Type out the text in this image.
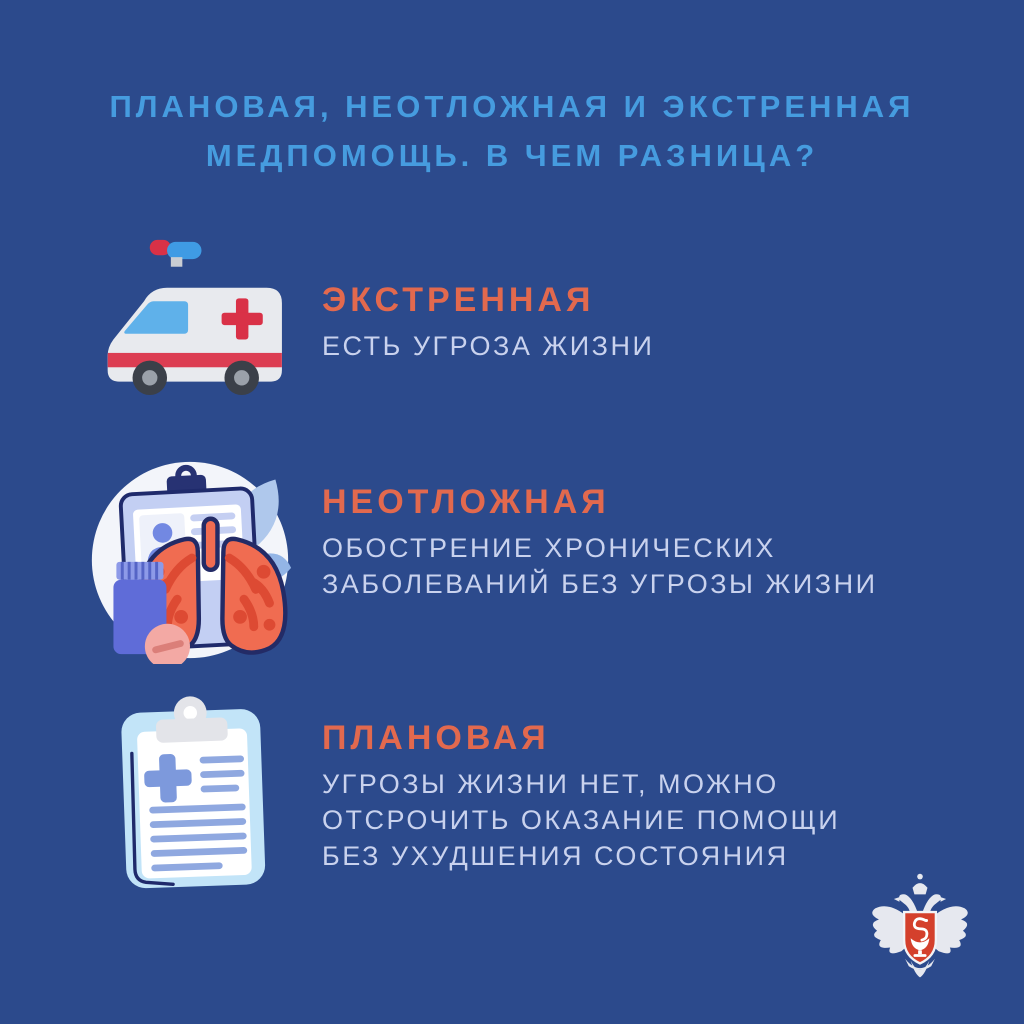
ПЛАНОВАЯ, НЕОТЛОЖНАЯ И ЭКСТРЕННАЯ
МЕДПОМОЩЬ. В ЧЕМ РАЗНИЦА?
ЭКСТРЕННАЯ
ЕСТЬ УГРОЗА ЖИЗНИ
НЕОТЛОЖНАЯ
ОБОСТРЕНИЕ ХРОНИЧЕСКИХ
ЗАБОЛЕВАНИЙ БЕЗ УГРОЗЫ ЖИЗНИ
ПЛАНОВАЯ
УГРОЗЫ ЖИЗНИ НЕТ, МОЖНО
ОТСРОЧИТЬ ОКАЗАНИЕ ПОМОЩИ
БЕЗ УХУДШЕНИЯ СОСТОЯНИЯ
